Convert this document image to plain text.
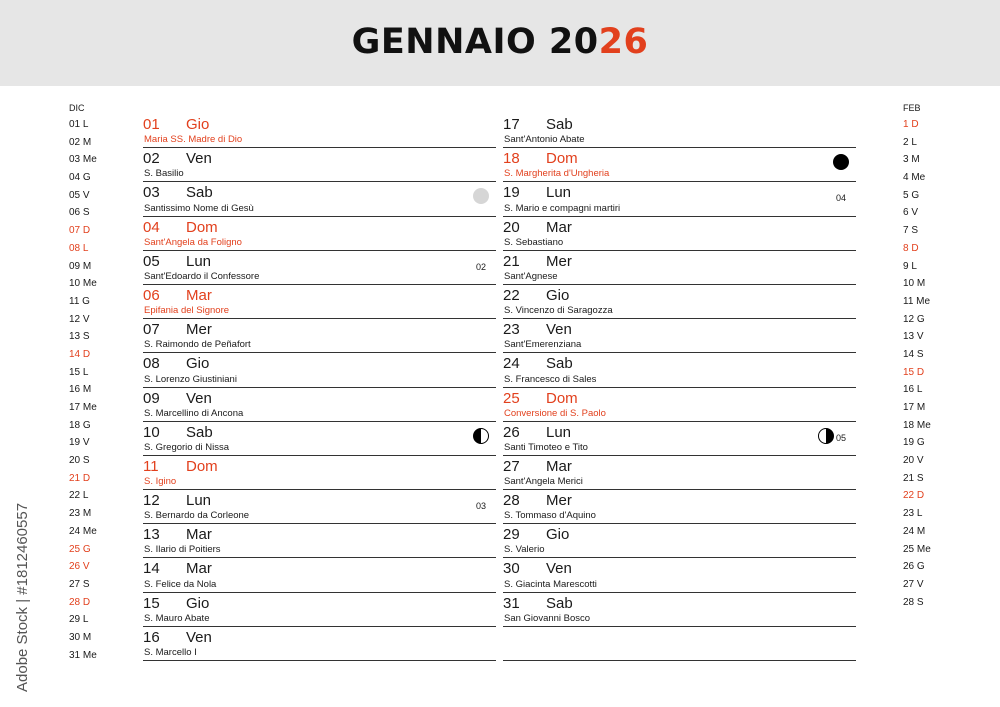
GENNAIO 2026
DIC
01 L
02 M
03 Me
04 G
05 V
06 S
07 D
08 L
09 M
10 Me
11 G
12 V
13 S
14 D
15 L
16 M
17 Me
18 G
19 V
20 S
21 D
22 L
23 M
24 Me
25 G
26 V
27 S
28 D
29 L
30 M
31 Me
01 Gio
Maria SS. Madre di Dio
02 Ven
S. Basilio
03 Sab
Santissimo Nome di Gesù
04 Dom
Sant'Angela da Foligno
05 Lun
Sant'Edoardo il Confessore
02
06 Mar
Epifania del Signore
07 Mer
S. Raimondo de Peñafort
08 Gio
S. Lorenzo Giustiniani
09 Ven
S. Marcellino di Ancona
10 Sab
S. Gregorio di Nissa
11 Dom
S. Igino
12 Lun
S. Bernardo da Corleone
03
13 Mar
S. Ilario di Poitiers
14 Mar
S. Felice da Nola
15 Gio
S. Mauro Abate
16 Ven
S. Marcello I
17 Sab
Sant'Antonio Abate
18 Dom
S. Margherita d'Ungheria
19 Lun
S. Mario e compagni martiri
04
20 Mar
S. Sebastiano
21 Mer
Sant'Agnese
22 Gio
S. Vincenzo di Saragozza
23 Ven
Sant'Emerenziana
24 Sab
S. Francesco di Sales
25 Dom
Conversione di S. Paolo
26 Lun
Santi Timoteo e Tito
05
27 Mar
Sant'Angela Merici
28 Mer
S. Tommaso d'Aquino
29 Gio
S. Valerio
30 Ven
S. Giacinta Marescotti
31 Sab
San Giovanni Bosco
FEB
1 D
2 L
3 M
4 Me
5 G
6 V
7 S
8 D
9 L
10 M
11 Me
12 G
13 V
14 S
15 D
16 L
17 M
18 Me
19 G
20 V
21 S
22 D
23 L
24 M
25 Me
26 G
27 V
28 S
Adobe Stock | #1812460557
